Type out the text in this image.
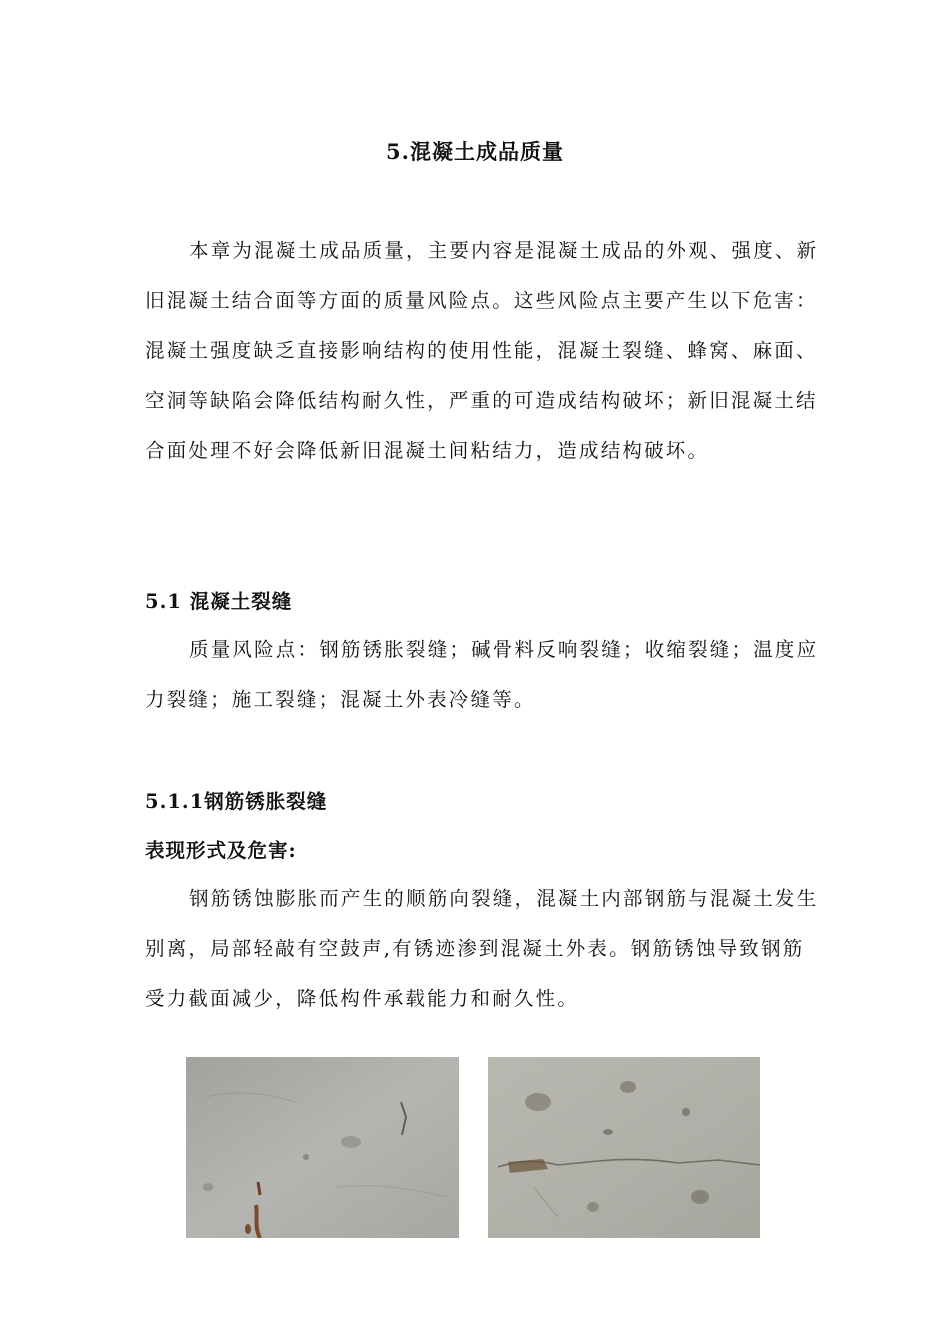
5.混凝土成品质量

本章为混凝土成品质量，主要内容是混凝土成品的外观、强度、新旧混凝土结合面等方面的质量风险点。这些风险点主要产生以下危害：混凝土强度缺乏直接影响结构的使用性能，混凝土裂缝、蜂窝、麻面、空洞等缺陷会降低结构耐久性，严重的可造成结构破坏；新旧混凝土结合面处理不好会降低新旧混凝土间粘结力，造成结构破坏。

5.1 混凝土裂缝

质量风险点：钢筋锈胀裂缝；碱骨料反响裂缝；收缩裂缝；温度应力裂缝；施工裂缝；混凝土外表冷缝等。

5.1.1钢筋锈胀裂缝

表现形式及危害:

钢筋锈蚀膨胀而产生的顺筋向裂缝，混凝土内部钢筋与混凝土发生别离，局部轻敲有空鼓声,有锈迹渗到混凝土外表。钢筋锈蚀导致钢筋受力截面减少，降低构件承载能力和耐久性。
